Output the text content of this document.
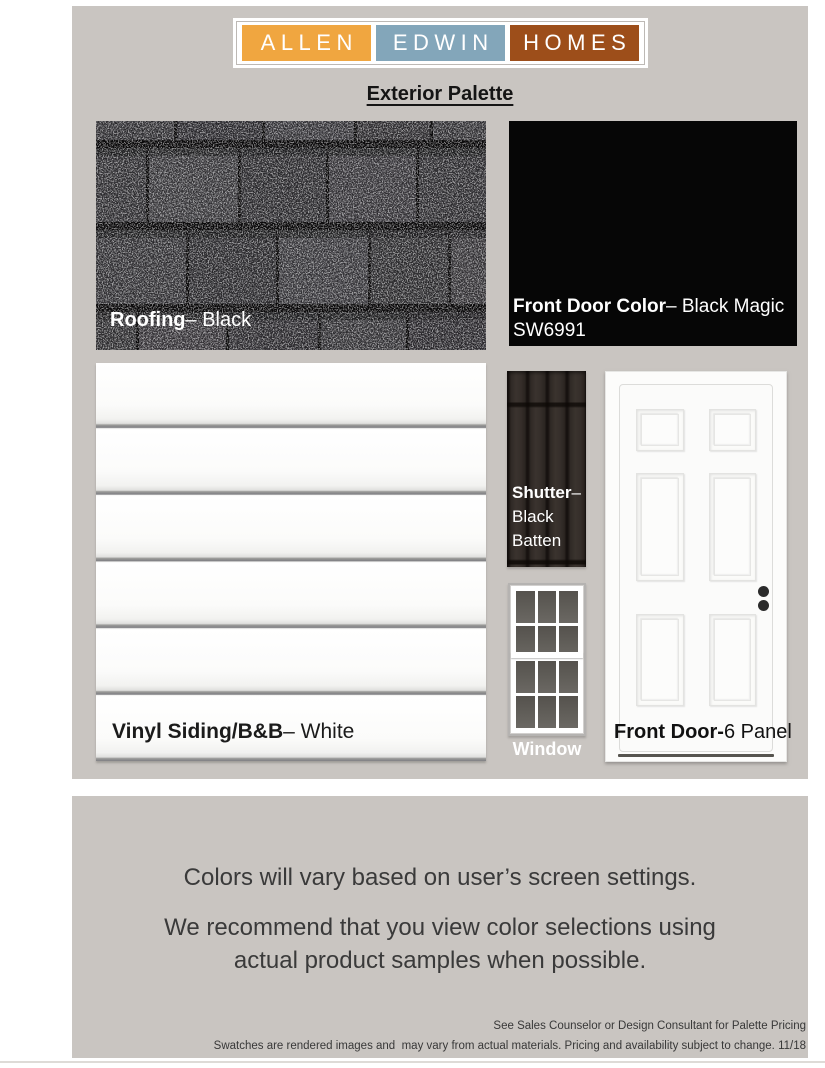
ALLEN	EDWIN	HOMES
Exterior Palette
Roofing– Black
Front Door Color– Black Magic
SW6991
Vinyl Siding/B&B– White
Shutter–
Black
Batten
Window
Front Door-6 Panel
Colors will vary based on user’s screen settings.
We recommend that you view color selections using
actual product samples when possible.
See Sales Counselor or Design Consultant for Palette Pricing
Swatches are rendered images and  may vary from actual materials. Pricing and availability subject to change. 11/18
